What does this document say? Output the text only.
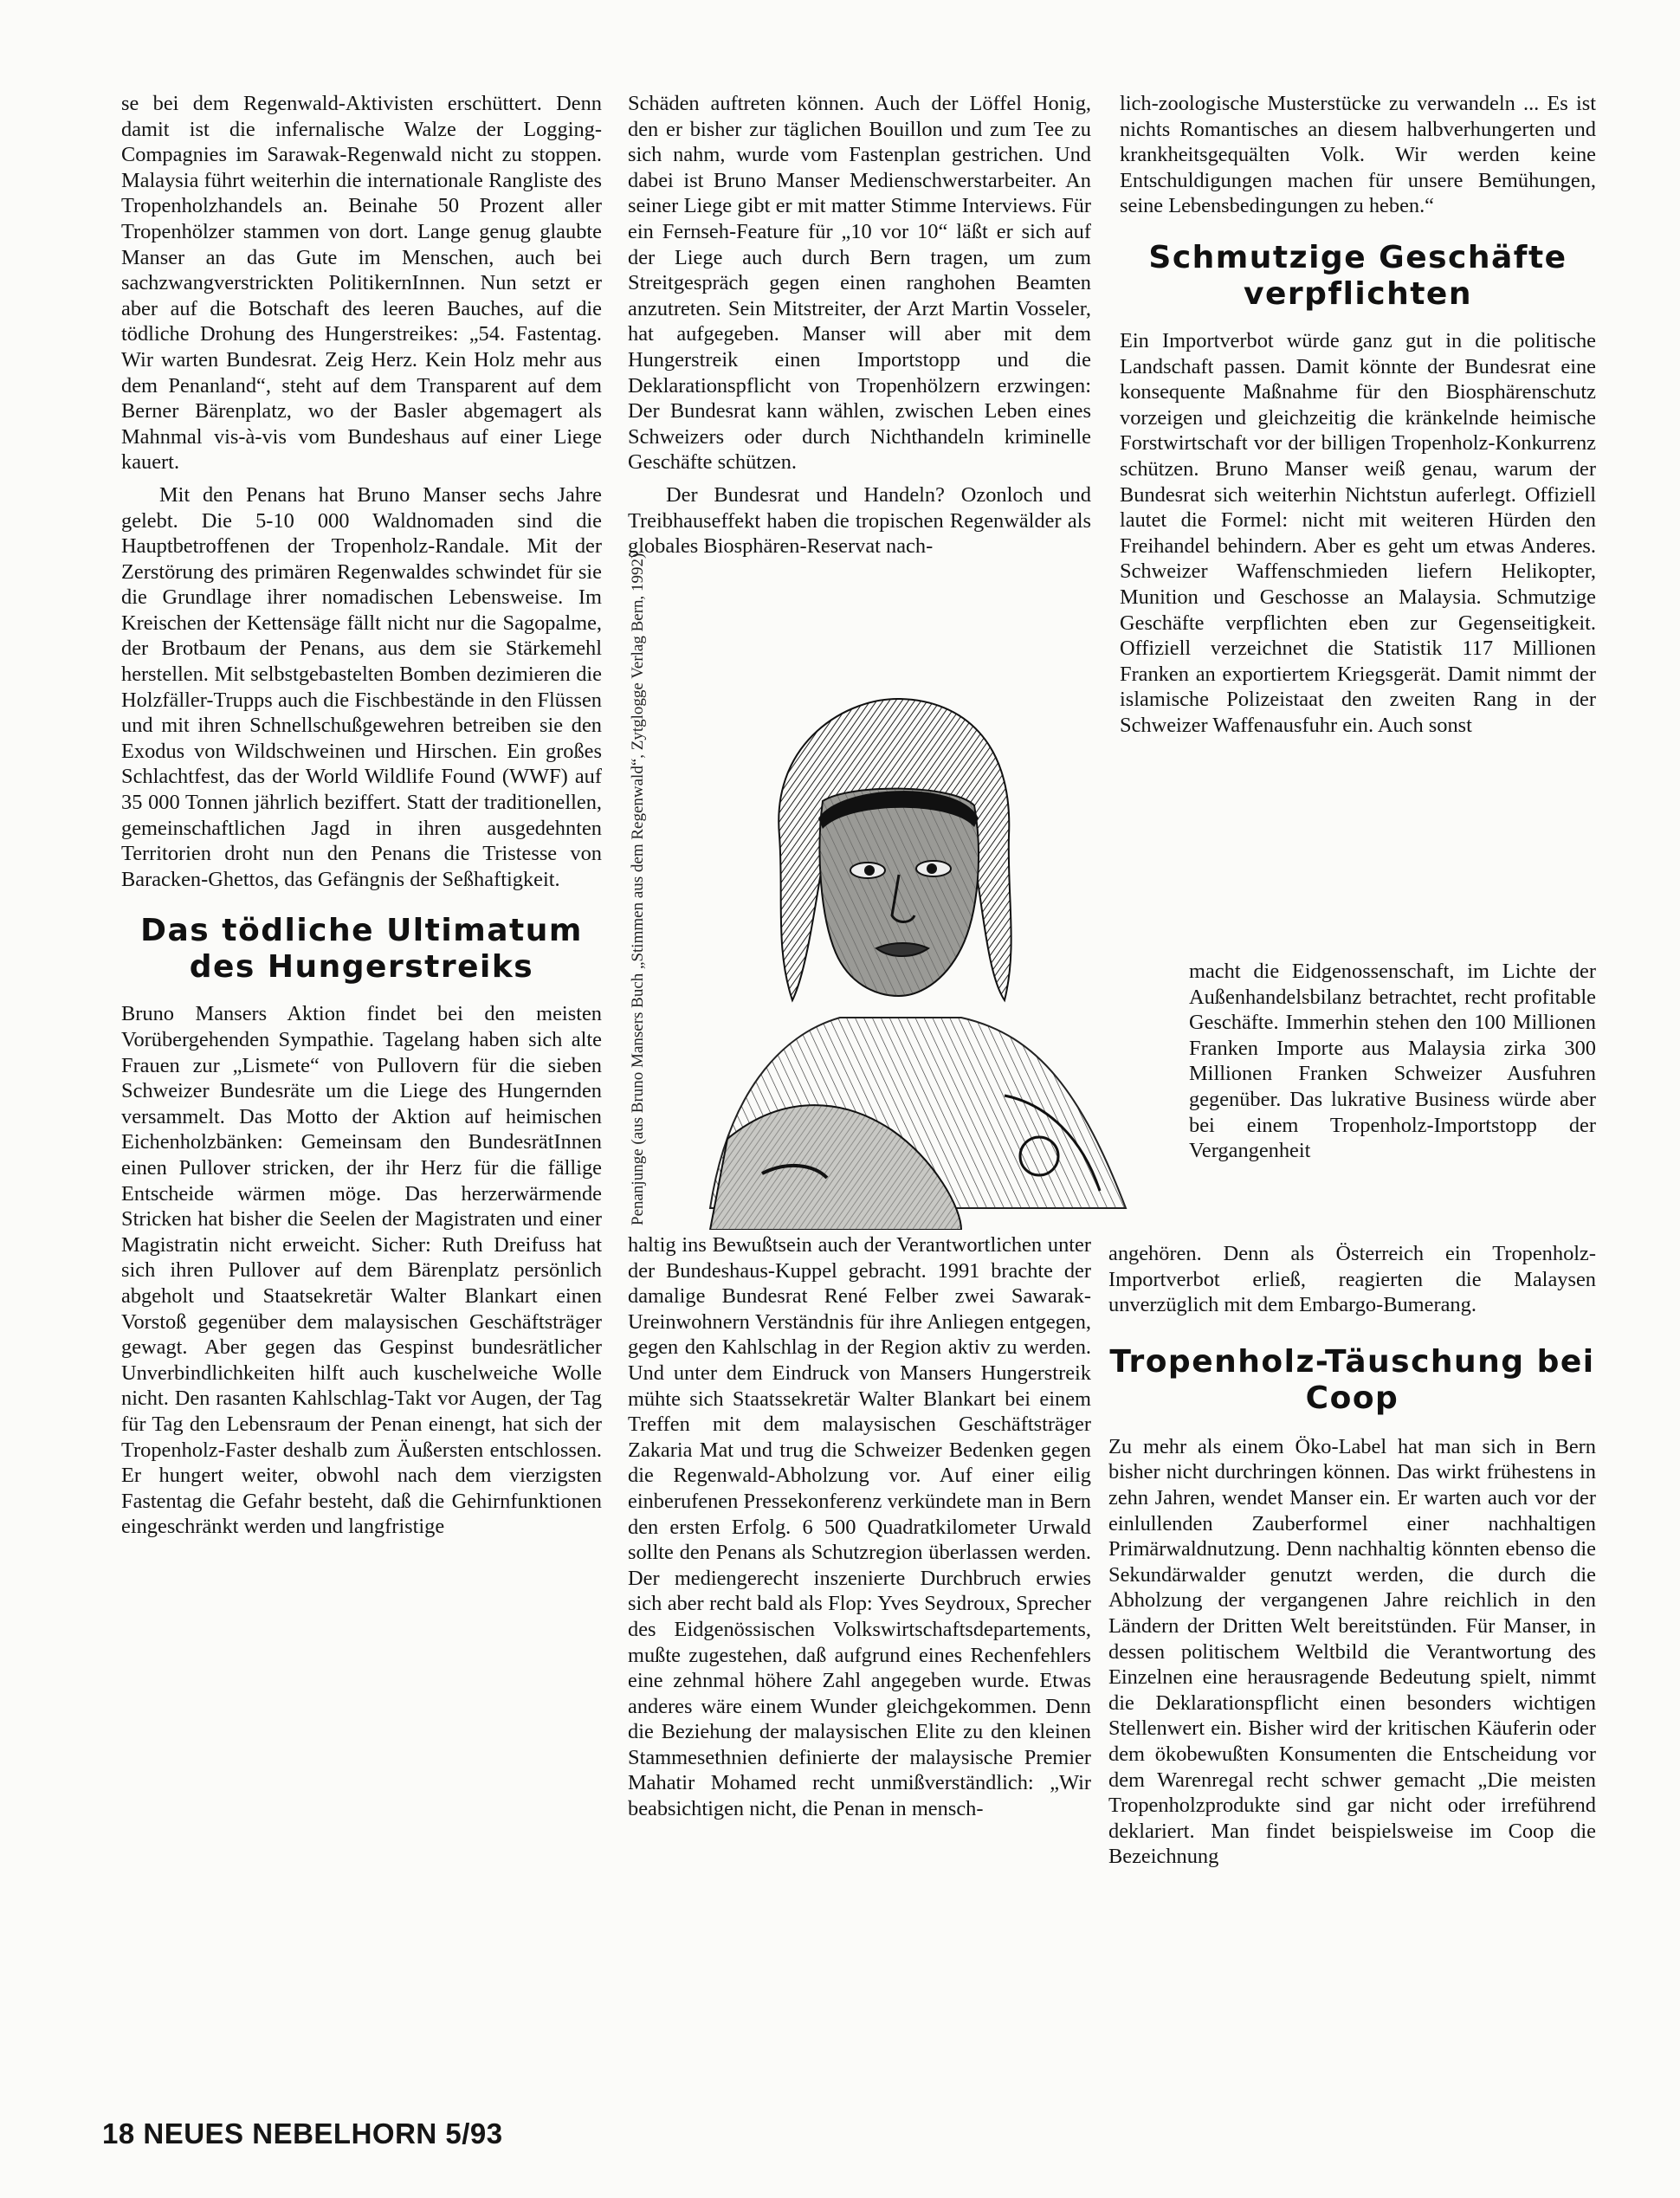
se bei dem Regenwald-Aktivisten erschüttert. Denn damit ist die infernalische Walze der Logging-Compagnies im Sarawak-Regenwald nicht zu stoppen. Malaysia führt weiterhin die internationale Rangliste des Tropenholzhandels an. Beinahe 50 Prozent aller Tropenhölzer stammen von dort. Lange genug glaubte Manser an das Gute im Menschen, auch bei sachzwangverstrickten PolitikernInnen. Nun setzt er aber auf die Botschaft des leeren Bauches, auf die tödliche Drohung des Hungerstreikes: „54. Fastentag. Wir warten Bundesrat. Zeig Herz. Kein Holz mehr aus dem Penanland“, steht auf dem Transparent auf dem Berner Bärenplatz, wo der Basler abgemagert als Mahnmal vis-à-vis vom Bundeshaus auf einer Liege kauert.

Mit den Penans hat Bruno Manser sechs Jahre gelebt. Die 5-10 000 Waldnomaden sind die Hauptbetroffenen der Tropenholz-Randale. Mit der Zerstörung des primären Regenwaldes schwindet für sie die Grundlage ihrer nomadischen Lebensweise. Im Kreischen der Kettensäge fällt nicht nur die Sagopalme, der Brotbaum der Penans, aus dem sie Stärkemehl herstellen. Mit selbstgebastelten Bomben dezimieren die Holzfäller-Trupps auch die Fischbestände in den Flüssen und mit ihren Schnellschußgewehren betreiben sie den Exodus von Wildschweinen und Hirschen. Ein großes Schlachtfest, das der World Wildlife Found (WWF) auf 35 000 Tonnen jährlich beziffert. Statt der traditionellen, gemeinschaftlichen Jagd in ihren ausgedehnten Territorien droht nun den Penans die Tristesse von Baracken-Ghettos, das Gefängnis der Seßhaftigkeit.

Das tödliche Ultimatum des Hungerstreiks

Bruno Mansers Aktion findet bei den meisten Vorübergehenden Sympathie. Tagelang haben sich alte Frauen zur „Lismete“ von Pullovern für die sieben Schweizer Bundesräte um die Liege des Hungernden versammelt. Das Motto der Aktion auf heimischen Eichenholzbänken: Gemeinsam den BundesrätInnen einen Pullover stricken, der ihr Herz für die fällige Entscheide wärmen möge. Das herzerwärmende Stricken hat bisher die Seelen der Magistraten und einer Magistratin nicht erweicht. Sicher: Ruth Dreifuss hat sich ihren Pullover auf dem Bärenplatz persönlich abgeholt und Staatsekretär Walter Blankart einen Vorstoß gegenüber dem malaysischen Geschäftsträger gewagt. Aber gegen das Gespinst bundesrätlicher Unverbindlichkeiten hilft auch kuschelweiche Wolle nicht. Den rasanten Kahlschlag-Takt vor Augen, der Tag für Tag den Lebensraum der Penan einengt, hat sich der Tropenholz-Faster deshalb zum Äußersten entschlossen. Er hungert weiter, obwohl nach dem vierzigsten Fastentag die Gefahr besteht, daß die Gehirnfunktionen eingeschränkt werden und langfristige

Schäden auftreten können. Auch der Löffel Honig, den er bisher zur täglichen Bouillon und zum Tee zu sich nahm, wurde vom Fastenplan gestrichen. Und dabei ist Bruno Manser Medienschwerstarbeiter. An seiner Liege gibt er mit matter Stimme Interviews. Für ein Fernseh-Feature für „10 vor 10“ läßt er sich auf der Liege auch durch Bern tragen, um zum Streitgespräch gegen einen ranghohen Beamten anzutreten. Sein Mitstreiter, der Arzt Martin Vosseler, hat aufgegeben. Manser will aber mit dem Hungerstreik einen Importstopp und die Deklarationspflicht von Tropenhölzern erzwingen: Der Bundesrat kann wählen, zwischen Leben eines Schweizers oder durch Nichthandeln kriminelle Geschäfte schützen.

Der Bundesrat und Handeln? Ozonloch und Treibhauseffekt haben die tropischen Regenwälder als globales Biosphären-Reservat nach-

Penanjunge (aus Bruno Mansers Buch „Stimmen aus dem Regenwald“, Zytglogge Verlag Bern, 1992)

haltig ins Bewußtsein auch der Verantwortlichen unter der Bundeshaus-Kuppel gebracht. 1991 brachte der damalige Bundesrat René Felber zwei Sawarak-Ureinwohnern Verständnis für ihre Anliegen entgegen, gegen den Kahlschlag in der Region aktiv zu werden. Und unter dem Eindruck von Mansers Hungerstreik mühte sich Staatssekretär Walter Blankart bei einem Treffen mit dem malaysischen Geschäftsträger Zakaria Mat und trug die Schweizer Bedenken gegen die Regenwald-Abholzung vor. Auf einer eilig einberufenen Pressekonferenz verkündete man in Bern den ersten Erfolg. 6 500 Quadratkilometer Urwald sollte den Penans als Schutzregion überlassen werden. Der mediengerecht inszenierte Durchbruch erwies sich aber recht bald als Flop: Yves Seydroux, Sprecher des Eidgenössischen Volkswirtschaftsdepartements, mußte zugestehen, daß aufgrund eines Rechenfehlers eine zehnmal höhere Zahl angegeben wurde. Etwas anderes wäre einem Wunder gleichgekommen. Denn die Beziehung der malaysischen Elite zu den kleinen Stammesethnien definierte der malaysische Premier Mahatir Mohamed recht unmißverständlich: „Wir beabsichtigen nicht, die Penan in mensch-

lich-zoologische Musterstücke zu verwandeln ... Es ist nichts Romantisches an diesem halbverhungerten und krankheitsgequälten Volk. Wir werden keine Entschuldigungen machen für unsere Bemühungen, seine Lebensbedingungen zu heben.“

Schmutzige Geschäfte verpflichten

Ein Importverbot würde ganz gut in die politische Landschaft passen. Damit könnte der Bundesrat eine konsequente Maßnahme für den Biosphärenschutz vorzeigen und gleichzeitig die kränkelnde heimische Forstwirtschaft vor der billigen Tropenholz-Konkurrenz schützen. Bruno Manser weiß genau, warum der Bundesrat sich weiterhin Nichtstun auferlegt. Offiziell lautet die Formel: nicht mit weiteren Hürden den Freihandel behindern. Aber es geht um etwas Anderes. Schweizer Waffenschmieden liefern Helikopter, Munition und Geschosse an Malaysia. Schmutzige Geschäfte verpflichten eben zur Gegenseitigkeit. Offiziell verzeichnet die Statistik 117 Millionen Franken an exportiertem Kriegsgerät. Damit nimmt der islamische Polizeistaat den zweiten Rang in der Schweizer Waffenausfuhr ein. Auch sonst

macht die Eidgenossenschaft, im Lichte der Außenhandelsbilanz betrachtet, recht profitable Geschäfte. Immerhin stehen den 100 Millionen Franken Importe aus Malaysia zirka 300 Millionen Franken Schweizer Ausfuhren gegenüber. Das lukrative Business würde aber bei einem Tropenholz-Importstopp der Vergangenheit

angehören. Denn als Österreich ein Tropenholz-Importverbot erließ, reagierten die Malaysen unverzüglich mit dem Embargo-Bumerang.

Tropenholz-Täuschung bei Coop

Zu mehr als einem Öko-Label hat man sich in Bern bisher nicht durchringen können. Das wirkt frühestens in zehn Jahren, wendet Manser ein. Er warten auch vor der einlullenden Zauberformel einer nachhaltigen Primärwaldnutzung. Denn nachhaltig könnten ebenso die Sekundärwalder genutzt werden, die durch die Abholzung der vergangenen Jahre reichlich in den Ländern der Dritten Welt bereitstünden. Für Manser, in dessen politischem Weltbild die Verantwortung des Einzelnen eine herausragende Bedeutung spielt, nimmt die Deklarationspflicht einen besonders wichtigen Stellenwert ein. Bisher wird der kritischen Käuferin oder dem ökobewußten Konsumenten die Entscheidung vor dem Warenregal recht schwer gemacht „Die meisten Tropenholzprodukte sind gar nicht oder irreführend deklariert. Man findet beispielsweise im Coop die Bezeichnung

18 NEUES NEBELHORN 5/93
